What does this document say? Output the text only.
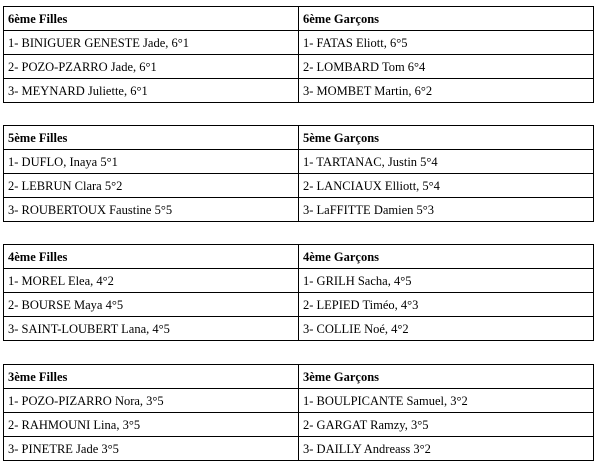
6ème Filles	6ème Garçons
1- BINIGUER GENESTE Jade, 6°1	1- FATAS Eliott, 6°5
2- POZO-PZARRO Jade, 6°1	2- LOMBARD Tom 6°4
3- MEYNARD Juliette, 6°1	3- MOMBET Martin, 6°2
5ème Filles	5ème Garçons
1- DUFLO, Inaya 5°1	1- TARTANAC, Justin 5°4
2- LEBRUN Clara 5°2	2- LANCIAUX Elliott, 5°4
3- ROUBERTOUX Faustine 5°5	3- LaFFITTE Damien 5°3
4ème Filles	4ème Garçons
1- MOREL Elea, 4°2	1- GRILH Sacha, 4°5
2- BOURSE Maya 4°5	2- LEPIED Timéo, 4°3
3- SAINT-LOUBERT Lana, 4°5	3- COLLIE Noé, 4°2
3ème Filles	3ème Garçons
1- POZO-PIZARRO Nora, 3°5	1- BOULPICANTE Samuel, 3°2
2- RAHMOUNI Lina, 3°5	2- GARGAT Ramzy, 3°5
3- PINETRE Jade 3°5	3- DAILLY Andreass 3°2
